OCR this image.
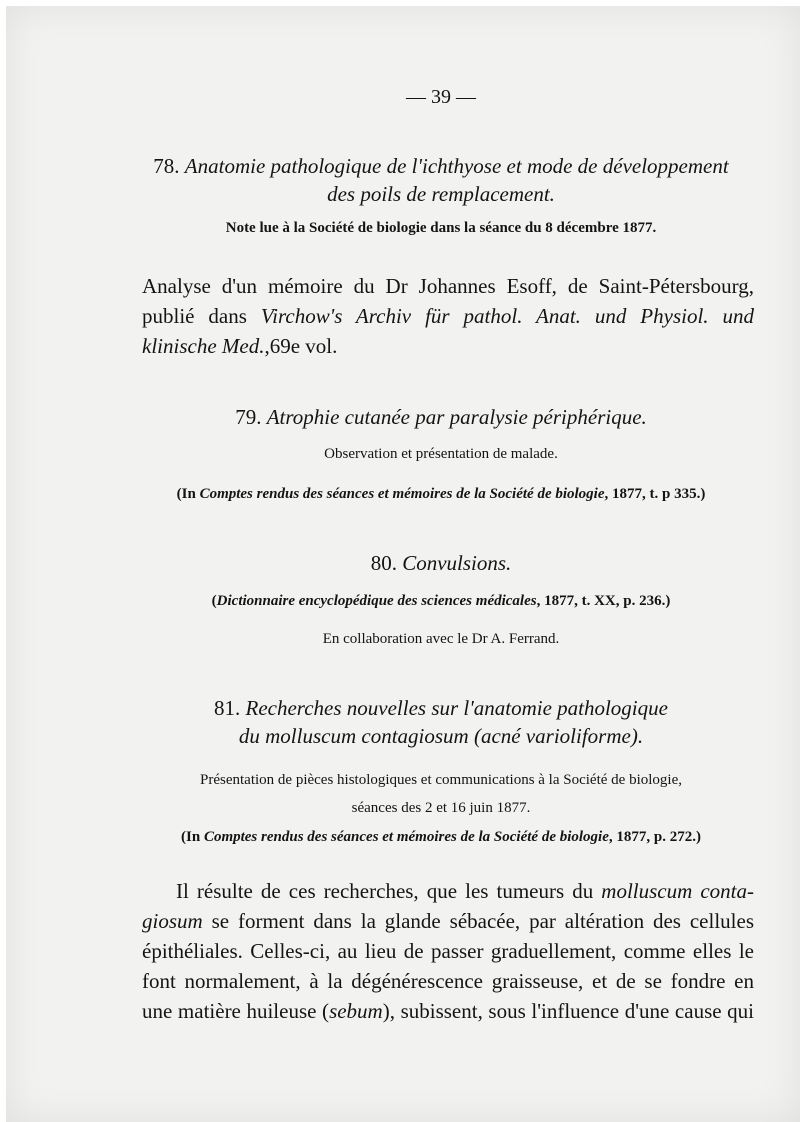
— 39 —
78. Anatomie pathologique de l'ichthyose et mode de développement
des poils de remplacement.
Note lue à la Société de biologie dans la séance du 8 décembre 1877.
Analyse d'un mémoire du Dr Johannes Esoff, de Saint-Pétersbourg,
publié dans Virchow's Archiv für pathol. Anat. und Physiol. und
klinische Med.,69e vol.
79. Atrophie cutanée par paralysie périphérique.
Observation et présentation de malade.
(In Comptes rendus des séances et mémoires de la Société de biologie, 1877, t. p 335.)
80. Convulsions.
(Dictionnaire encyclopédique des sciences médicales, 1877, t. XX, p. 236.)
En collaboration avec le Dr A. Ferrand.
81. Recherches nouvelles sur l'anatomie pathologique
du molluscum contagiosum (acné varioliforme).
Présentation de pièces histologiques et communications à la Société de biologie,
séances des 2 et 16 juin 1877.
(In Comptes rendus des séances et mémoires de la Société de biologie, 1877, p. 272.)
Il résulte de ces recherches, que les tumeurs du molluscum conta-
giosum se forment dans la glande sébacée, par altération des cellules
épithéliales. Celles-ci, au lieu de passer graduellement, comme elles le
font normalement, à la dégénérescence graisseuse, et de se fondre en
une matière huileuse (sebum), subissent, sous l'influence d'une cause qui
